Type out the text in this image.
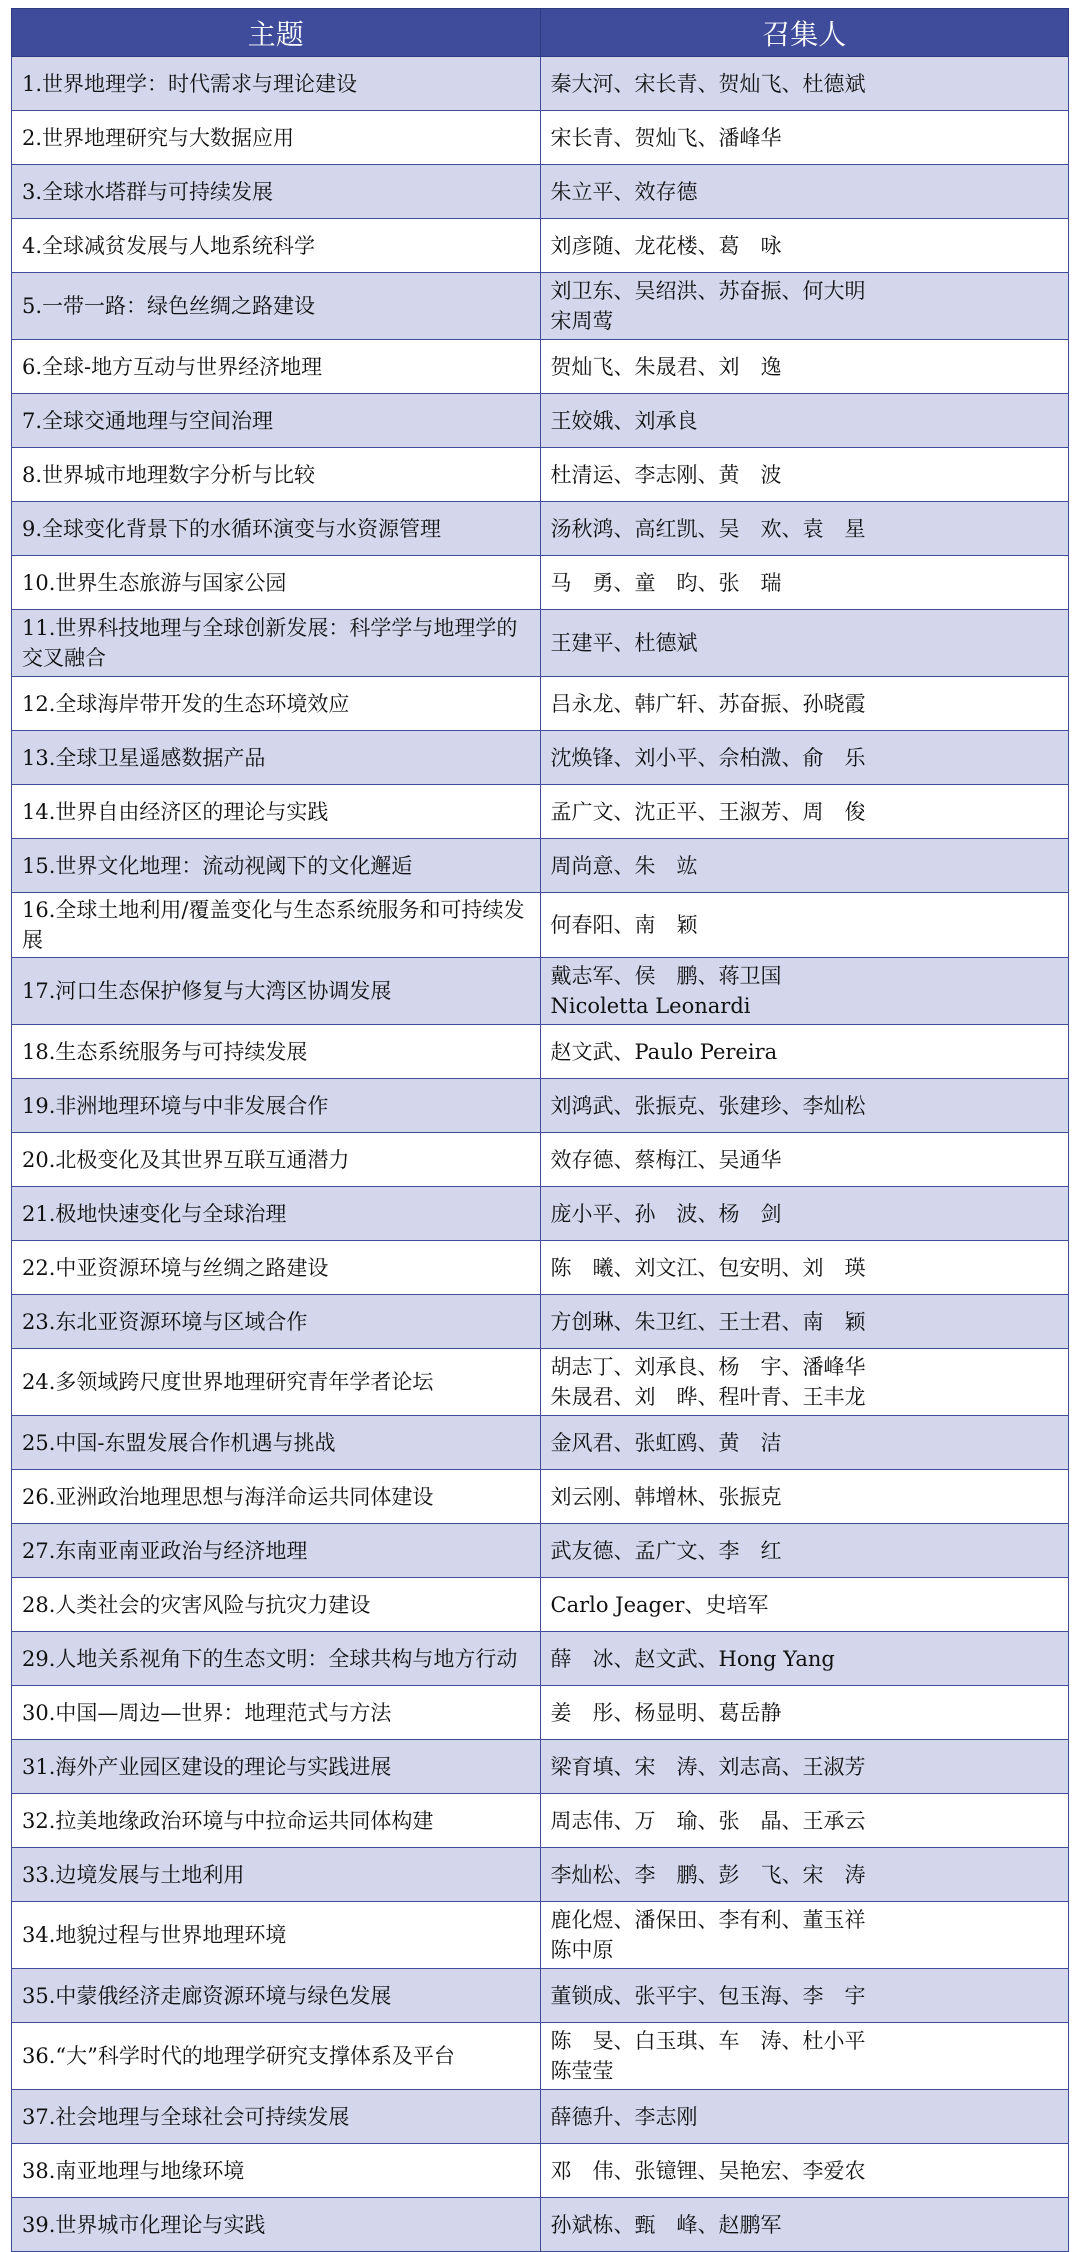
主题	召集人
1.世界地理学：时代需求与理论建设	秦大河、宋长青、贺灿飞、杜德斌
2.世界地理研究与大数据应用	宋长青、贺灿飞、潘峰华
3.全球水塔群与可持续发展	朱立平、效存德
4.全球减贫发展与人地系统科学	刘彦随、龙花楼、葛　咏
5.一带一路：绿色丝绸之路建设	刘卫东、吴绍洪、苏奋振、何大明
宋周莺
6.全球-地方互动与世界经济地理	贺灿飞、朱晟君、刘　逸
7.全球交通地理与空间治理	王姣娥、刘承良
8.世界城市地理数字分析与比较	杜清运、李志刚、黄　波
9.全球变化背景下的水循环演变与水资源管理	汤秋鸿、高红凯、吴　欢、袁　星
10.世界生态旅游与国家公园	马　勇、童　昀、张　瑞
11.世界科技地理与全球创新发展：科学学与地理学的交叉融合	王建平、杜德斌
12.全球海岸带开发的生态环境效应	吕永龙、韩广轩、苏奋振、孙晓霞
13.全球卫星遥感数据产品	沈焕锋、刘小平、佘柏溦、俞　乐
14.世界自由经济区的理论与实践	孟广文、沈正平、王淑芳、周　俊
15.世界文化地理：流动视阈下的文化邂逅	周尚意、朱　竑
16.全球土地利用/覆盖变化与生态系统服务和可持续发展	何春阳、南　颖
17.河口生态保护修复与大湾区协调发展	戴志军、侯　鹏、蒋卫国
Nicoletta Leonardi
18.生态系统服务与可持续发展	赵文武、Paulo Pereira
19.非洲地理环境与中非发展合作	刘鸿武、张振克、张建珍、李灿松
20.北极变化及其世界互联互通潜力	效存德、蔡梅江、吴通华
21.极地快速变化与全球治理	庞小平、孙　波、杨　剑
22.中亚资源环境与丝绸之路建设	陈　曦、刘文江、包安明、刘　瑛
23.东北亚资源环境与区域合作	方创琳、朱卫红、王士君、南　颖
24.多领域跨尺度世界地理研究青年学者论坛	胡志丁、刘承良、杨　宇、潘峰华
朱晟君、刘　晔、程叶青、王丰龙
25.中国-东盟发展合作机遇与挑战	金风君、张虹鸥、黄　洁
26.亚洲政治地理思想与海洋命运共同体建设	刘云刚、韩增林、张振克
27.东南亚南亚政治与经济地理	武友德、孟广文、李　红
28.人类社会的灾害风险与抗灾力建设	Carlo Jeager、史培军
29.人地关系视角下的生态文明：全球共构与地方行动	薛　冰、赵文武、Hong Yang
30.中国—周边—世界：地理范式与方法	姜　彤、杨显明、葛岳静
31.海外产业园区建设的理论与实践进展	梁育填、宋　涛、刘志高、王淑芳
32.拉美地缘政治环境与中拉命运共同体构建	周志伟、万　瑜、张　晶、王承云
33.边境发展与土地利用	李灿松、李　鹏、彭　飞、宋　涛
34.地貌过程与世界地理环境	鹿化煜、潘保田、李有利、董玉祥
陈中原
35.中蒙俄经济走廊资源环境与绿色发展	董锁成、张平宇、包玉海、李　宇
36.“大”科学时代的地理学研究支撑体系及平台	陈　旻、白玉琪、车　涛、杜小平
陈莹莹
37.社会地理与全球社会可持续发展	薛德升、李志刚
38.南亚地理与地缘环境	邓　伟、张镱锂、吴艳宏、李爱农
39.世界城市化理论与实践	孙斌栋、甄　峰、赵鹏军
